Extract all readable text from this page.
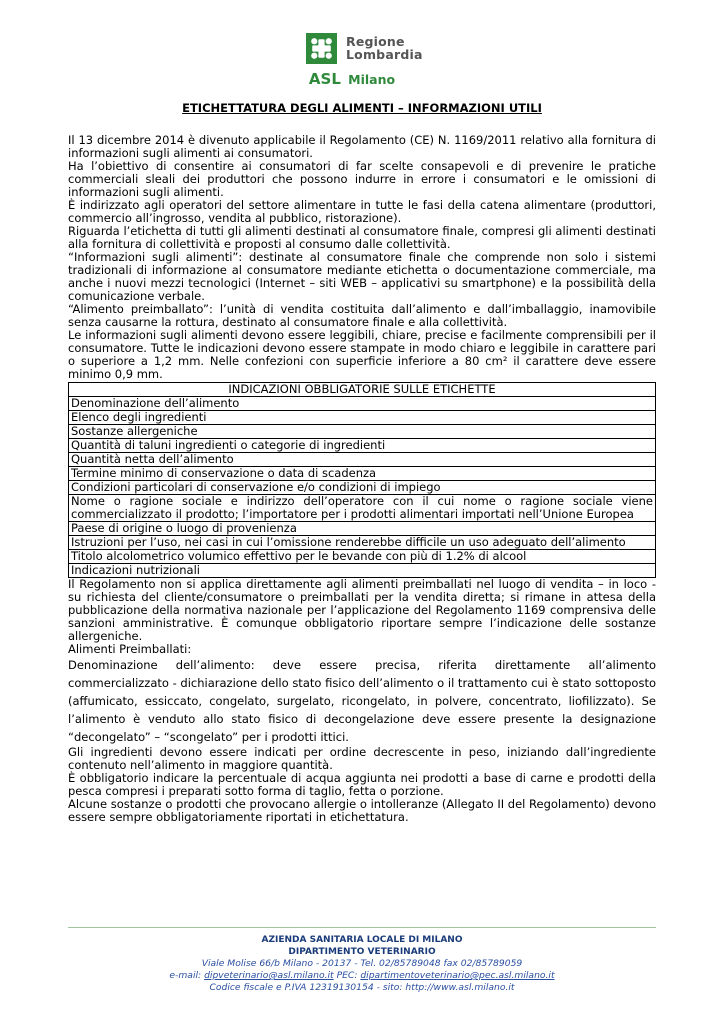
Regione
Lombardia
ASL Milano
ETICHETTATURA DEGLI ALIMENTI – INFORMAZIONI UTILI

Il 13 dicembre 2014 è divenuto applicabile il Regolamento (CE) N. 1169/2011 relativo alla fornitura di informazioni sugli alimenti ai consumatori.

Ha l’obiettivo di consentire ai consumatori di far scelte consapevoli e di prevenire le pratiche commerciali sleali dei produttori che possono indurre in errore i consumatori e le omissioni di informazioni sugli alimenti.

È indirizzato agli operatori del settore alimentare in tutte le fasi della catena alimentare (produttori, commercio all’ingrosso, vendita al pubblico, ristorazione).

Riguarda l’etichetta di tutti gli alimenti destinati al consumatore finale, compresi gli alimenti destinati alla fornitura di collettività e proposti al consumo dalle collettività.

“Informazioni sugli alimenti”: destinate al consumatore finale che comprende non solo i sistemi tradizionali di informazione al consumatore mediante etichetta o documentazione commerciale, ma anche i nuovi mezzi tecnologici (Internet – siti WEB – applicativi su smartphone) e la possibilità della comunicazione verbale.

“Alimento preimballato”: l’unità di vendita costituita dall’alimento e dall’imballaggio, inamovibile senza causarne la rottura, destinato al consumatore finale e alla collettività.

Le informazioni sugli alimenti devono essere leggibili, chiare, precise e facilmente comprensibili per il consumatore. Tutte le indicazioni devono essere stampate in modo chiaro e leggibile in carattere pari o superiore a 1,2 mm. Nelle confezioni con superficie inferiore a 80 cm² il carattere deve essere minimo 0,9 mm.

INDICAZIONI OBBLIGATORIE SULLE ETICHETTE
Denominazione dell’alimento
Elenco degli ingredienti
Sostanze allergeniche
Quantità di taluni ingredienti o categorie di ingredienti
Quantità netta dell’alimento
Termine minimo di conservazione o data di scadenza
Condizioni particolari di conservazione e/o condizioni di impiego
Nome o ragione sociale e indirizzo dell’operatore con il cui nome o ragione sociale viene commercializzato il prodotto; l’importatore per i prodotti alimentari importati nell’Unione Europea
Paese di origine o luogo di provenienza
Istruzioni per l’uso, nei casi in cui l’omissione renderebbe difficile un uso adeguato dell’alimento
Titolo alcolometrico volumico effettivo per le bevande con più di 1.2% di alcool
Indicazioni nutrizionali

Il Regolamento non si applica direttamente agli alimenti preimballati nel luogo di vendita – in loco - su richiesta del cliente/consumatore o preimballati per la vendita diretta; si rimane in attesa della pubblicazione della normativa nazionale per l’applicazione del Regolamento 1169 comprensiva delle sanzioni amministrative. È comunque obbligatorio riportare sempre l’indicazione delle sostanze allergeniche.

Alimenti Preimballati:

Denominazione dell’alimento: deve essere precisa, riferita direttamente all’alimento commercializzato - dichiarazione dello stato fisico dell’alimento o il trattamento cui è stato sottoposto (affumicato, essiccato, congelato, surgelato, ricongelato, in polvere, concentrato, liofilizzato). Se l’alimento è venduto allo stato fisico di decongelazione deve essere presente la designazione “decongelato” – “scongelato” per i prodotti ittici.

Gli ingredienti devono essere indicati per ordine decrescente in peso, iniziando dall’ingrediente contenuto nell’alimento in maggiore quantità.

È obbligatorio indicare la percentuale di acqua aggiunta nei prodotti a base di carne e prodotti della pesca compresi i preparati sotto forma di taglio, fetta o porzione.

Alcune sostanze o prodotti che provocano allergie o intolleranze (Allegato II del Regolamento) devono essere sempre obbligatoriamente riportati in etichettatura.

AZIENDA SANITARIA LOCALE DI MILANO
DIPARTIMENTO VETERINARIO
Viale Molise 66/b Milano - 20137 - Tel. 02/85789048 fax 02/85789059
e-mail: dipveterinario@asl.milano.it PEC: dipartimentoveterinario@pec.asl.milano.it
Codice fiscale e P.IVA 12319130154 - sito: http://www.asl.milano.it
